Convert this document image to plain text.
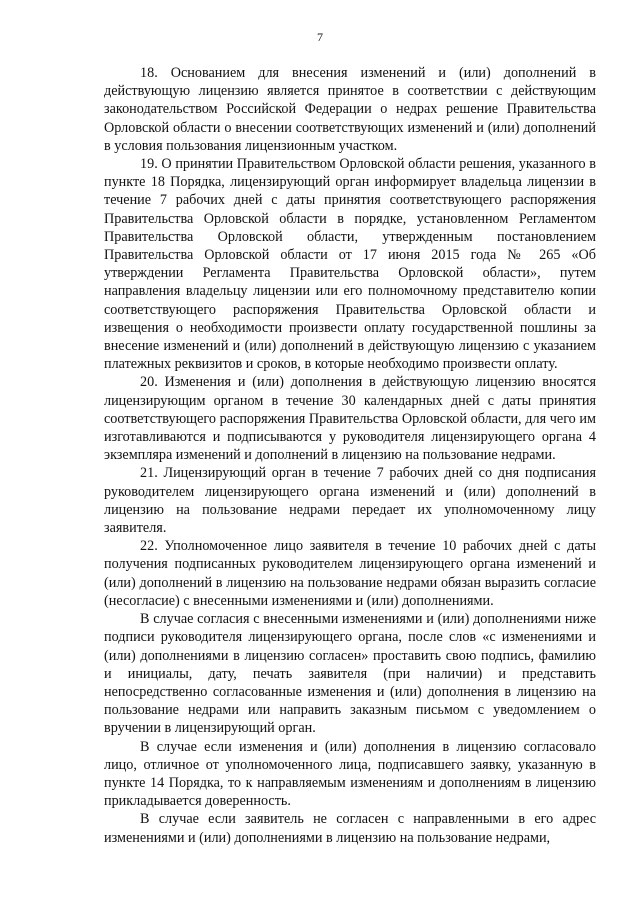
7

18. Основанием для внесения изменений и (или) дополнений в действующую лицензию является принятое в соответствии с действующим законодательством Российской Федерации о недрах решение Правительства Орловской области о внесении соответствующих изменений и (или) дополнений в условия пользования лицензионным участком.

19. О принятии Правительством Орловской области решения, указанного в пункте 18 Порядка, лицензирующий орган информирует владельца лицензии в течение 7 рабочих дней с даты принятия соответствующего распоряжения Правительства Орловской области в порядке, установленном Регламентом Правительства Орловской области, утвержденным постановлением Правительства Орловской области от 17 июня 2015 года № 265 «Об утверждении Регламента Правительства Орловской области», путем направления владельцу лицензии или его полномочному представителю копии соответствующего распоряжения Правительства Орловской области и извещения о необходимости произвести оплату государственной пошлины за внесение изменений и (или) дополнений в действующую лицензию с указанием платежных реквизитов и сроков, в которые необходимо произвести оплату.

20. Изменения и (или) дополнения в действующую лицензию вносятся лицензирующим органом в течение 30 календарных дней с даты принятия соответствующего распоряжения Правительства Орловской области, для чего им изготавливаются и подписываются у руководителя лицензирующего органа 4 экземпляра изменений и дополнений в лицензию на пользование недрами.

21. Лицензирующий орган в течение 7 рабочих дней со дня подписания руководителем лицензирующего органа изменений и (или) дополнений в лицензию на пользование недрами передает их уполномоченному лицу заявителя.

22. Уполномоченное лицо заявителя в течение 10 рабочих дней с даты получения подписанных руководителем лицензирующего органа изменений и (или) дополнений в лицензию на пользование недрами обязан выразить согласие (несогласие) с внесенными изменениями и (или) дополнениями.

В случае согласия с внесенными изменениями и (или) дополнениями ниже подписи руководителя лицензирующего органа, после слов «с изменениями и (или) дополнениями в лицензию согласен» проставить свою подпись, фамилию и инициалы, дату, печать заявителя (при наличии) и представить непосредственно согласованные изменения и (или) дополнения в лицензию на пользование недрами или направить заказным письмом с уведомлением о вручении в лицензирующий орган.

В случае если изменения и (или) дополнения в лицензию согласовало лицо, отличное от уполномоченного лица, подписавшего заявку, указанную в пункте 14 Порядка, то к направляемым изменениям и дополнениям в лицензию прикладывается доверенность.

В случае если заявитель не согласен с направленными в его адрес изменениями и (или) дополнениями в лицензию на пользование недрами,
